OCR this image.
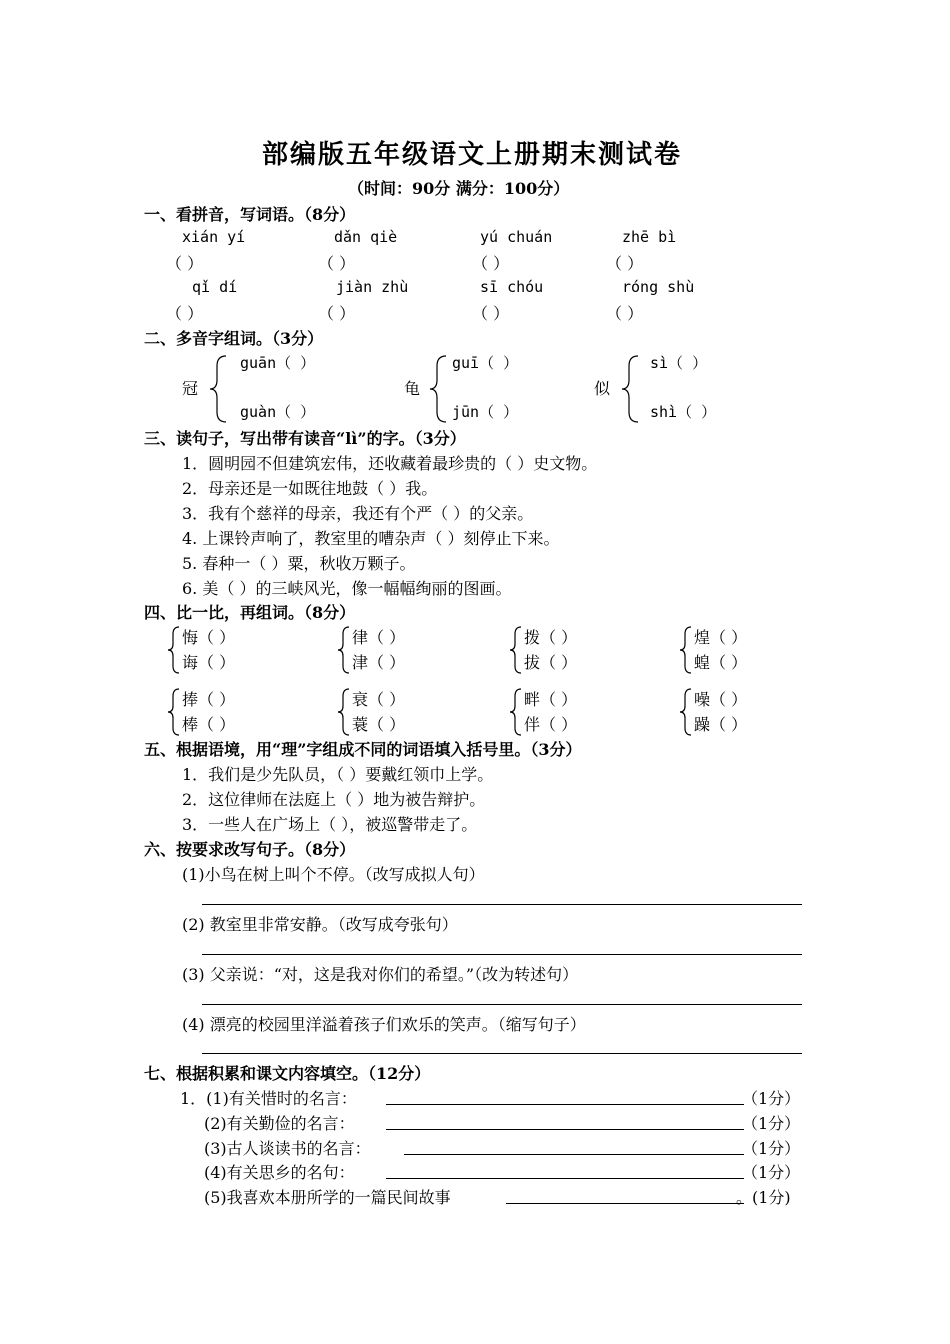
部编版五年级语文上册期末测试卷
（时间：90分 满分：100分）
一、看拼音，写词语。（8分）
xián yí	dǎn qiè	yú chuán	zhē bì
（ ）	（ ）	（ ）	（ ）
qǐ dí	jiàn zhù	sī chóu	róng shù
（ ）	（ ）	（ ）	（ ）
二、多音字组词。（3分）
冠
guān（ ）
guàn（ ）
龟
guī（ ）
jūn（ ）
似
sì（ ）
shì（ ）
三、读句子，写出带有读音“lì”的字。（3分）
1．圆明园不但建筑宏伟，还收藏着最珍贵的（ ）史文物。
2．母亲还是一如既往地鼓（ ）我。
3．我有个慈祥的母亲，我还有个严（ ）的父亲。
4. 上课铃声响了，教室里的嘈杂声（ ）刻停止下来。
5. 春种一（ ）粟，秋收万颗子。
6. 美（ ）的三峡风光，像一幅幅绚丽的图画。
四、比一比，再组词。（8分）
悔（ ）
诲（ ）
律（ ）
津（ ）
拨（ ）
拔（ ）
煌（ ）
蝗（ ）
捧（ ）
棒（ ）
衰（ ）
蓑（ ）
畔（ ）
伴（ ）
噪（ ）
躁（ ）
五、根据语境，用“理”字组成不同的词语填入括号里。（3分）
1．我们是少先队员，（ ）要戴红领巾上学。
2．这位律师在法庭上（ ）地为被告辩护。
3．一些人在广场上（ ），被巡警带走了。
六、按要求改写句子。（8分）
(1)小鸟在树上叫个不停。（改写成拟人句）
(2) 教室里非常安静。（改写成夸张句）
(3) 父亲说：“对，这是我对你们的希望。”（改为转述句）
(4) 漂亮的校园里洋溢着孩子们欢乐的笑声。（缩写句子）
七、根据积累和课文内容填空。（12分）
1．(1)有关惜时的名言：	（1分）
(2)有关勤俭的名言：	（1分）
(3)古人谈读书的名言：	（1分）
(4)有关思乡的名句：	（1分）
(5)我喜欢本册所学的一篇民间故事	。(1分)
